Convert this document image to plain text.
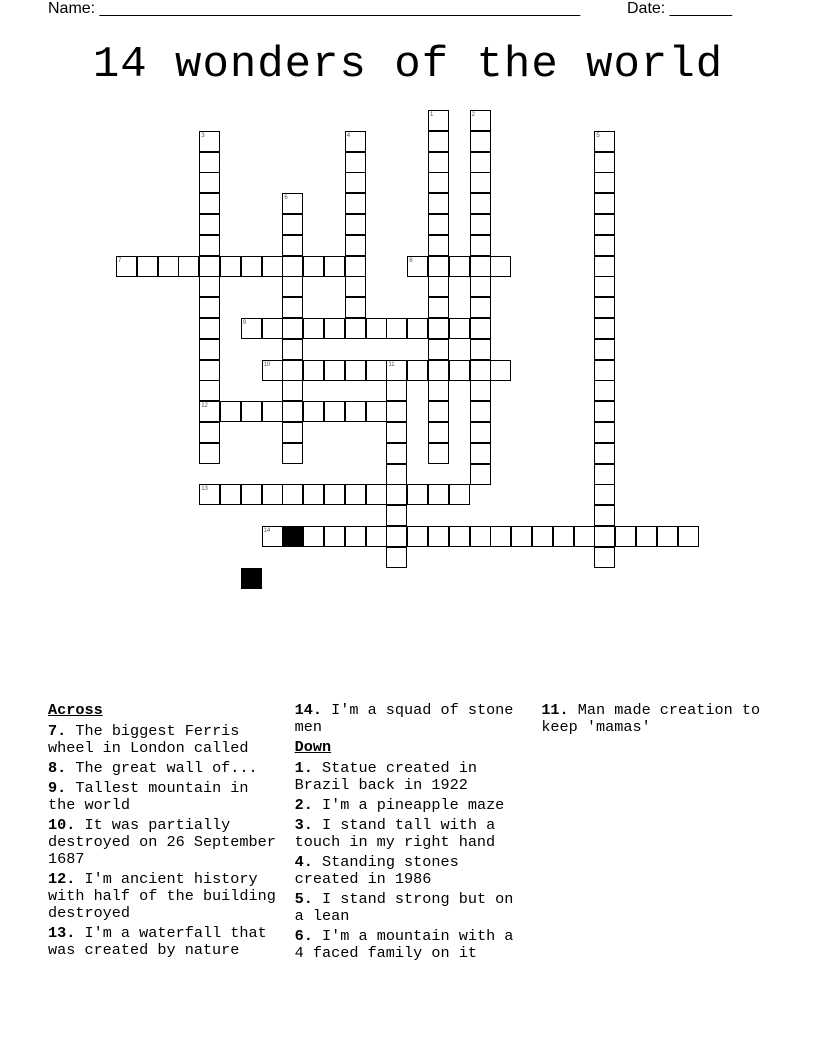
Name: ______________________________________________________	Date: _______
14 wonders of the world
1	2
3	4	5
6
7	8
9
10	11
12
13
14
Across
7. The biggest Ferris wheel in London called
8. The great wall of...
9. Tallest mountain in the world
10. It was partially destroyed on 26 September 1687
12. I'm ancient history with half of the building destroyed
13. I'm a waterfall that was created by nature
14. I'm a squad of stone men
Down
1. Statue created in Brazil back in 1922
2. I'm a pineapple maze
3. I stand tall with a touch in my right hand
4. Standing stones created in 1986
5. I stand strong but on a lean
6. I'm a mountain with a 4 faced family on it
11. Man made creation to keep 'mamas'
